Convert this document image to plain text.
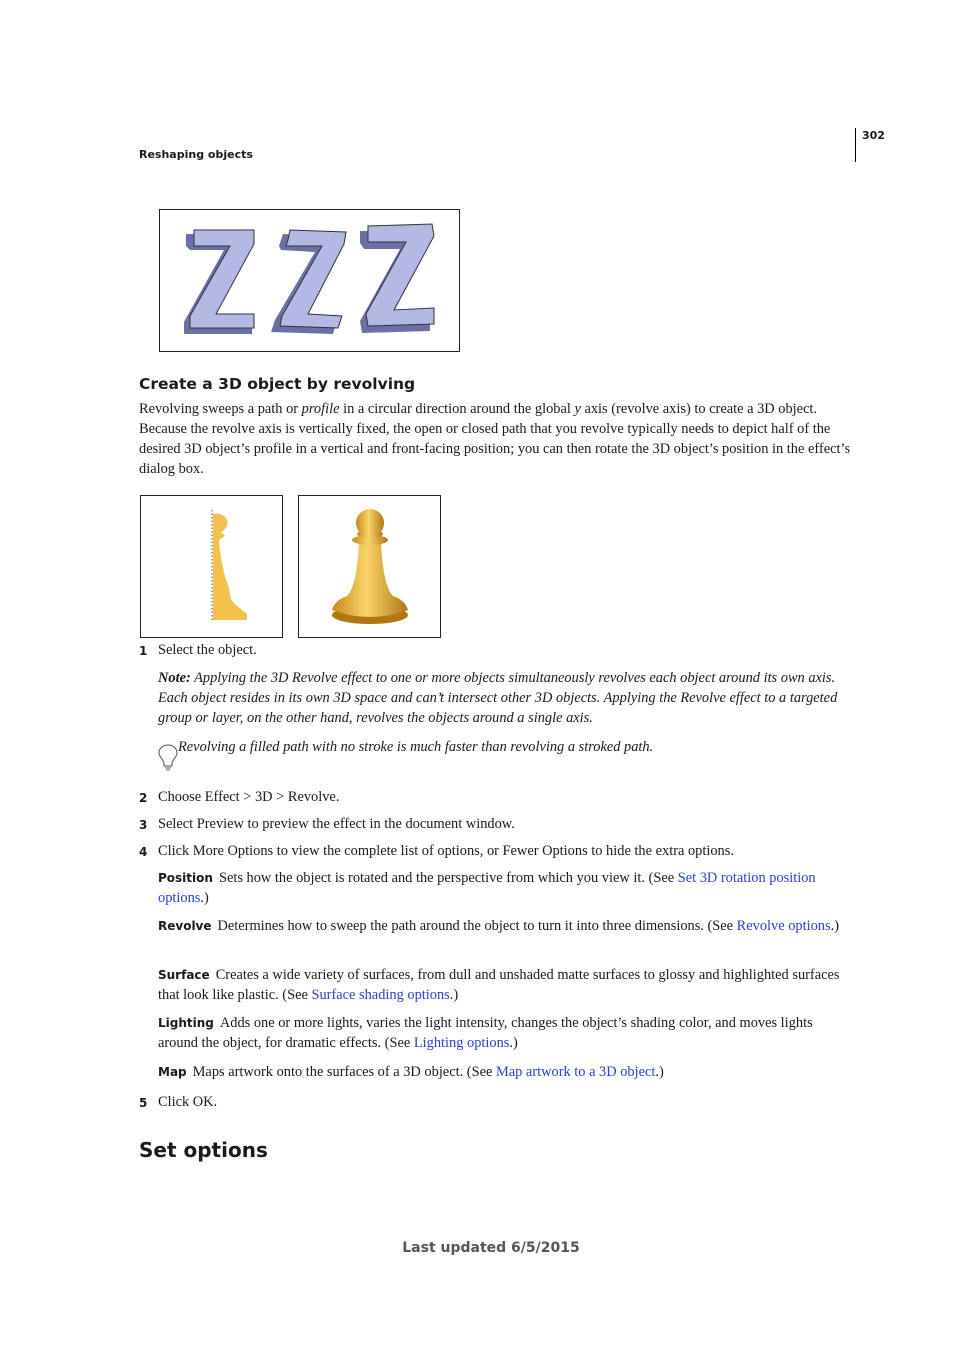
302
Reshaping objects
Create a 3D object by revolving

Revolving sweeps a path or profile in a circular direction around the global y axis (revolve axis) to create a 3D object. Because the revolve axis is vertically fixed, the open or closed path that you revolve typically needs to depict half of the desired 3D object’s profile in a vertical and front-facing position; you can then rotate the 3D object’s position in the effect’s dialog box.

1 Select the object.

Note: Applying the 3D Revolve effect to one or more objects simultaneously revolves each object around its own axis. Each object resides in its own 3D space and can’t intersect other 3D objects. Applying the Revolve effect to a targeted group or layer, on the other hand, revolves the objects around a single axis.

Revolving a filled path with no stroke is much faster than revolving a stroked path.

2 Choose Effect > 3D > Revolve.
3 Select Preview to preview the effect in the document window.
4 Click More Options to view the complete list of options, or Fewer Options to hide the extra options.

Position Sets how the object is rotated and the perspective from which you view it. (See Set 3D rotation position options.)

Revolve Determines how to sweep the path around the object to turn it into three dimensions. (See Revolve options.)

Surface Creates a wide variety of surfaces, from dull and unshaded matte surfaces to glossy and highlighted surfaces that look like plastic. (See Surface shading options.)

Lighting Adds one or more lights, varies the light intensity, changes the object’s shading color, and moves lights around the object, for dramatic effects. (See Lighting options.)

Map Maps artwork onto the surfaces of a 3D object. (See Map artwork to a 3D object.)

5 Click OK.
Set options
Last updated 6/5/2015
